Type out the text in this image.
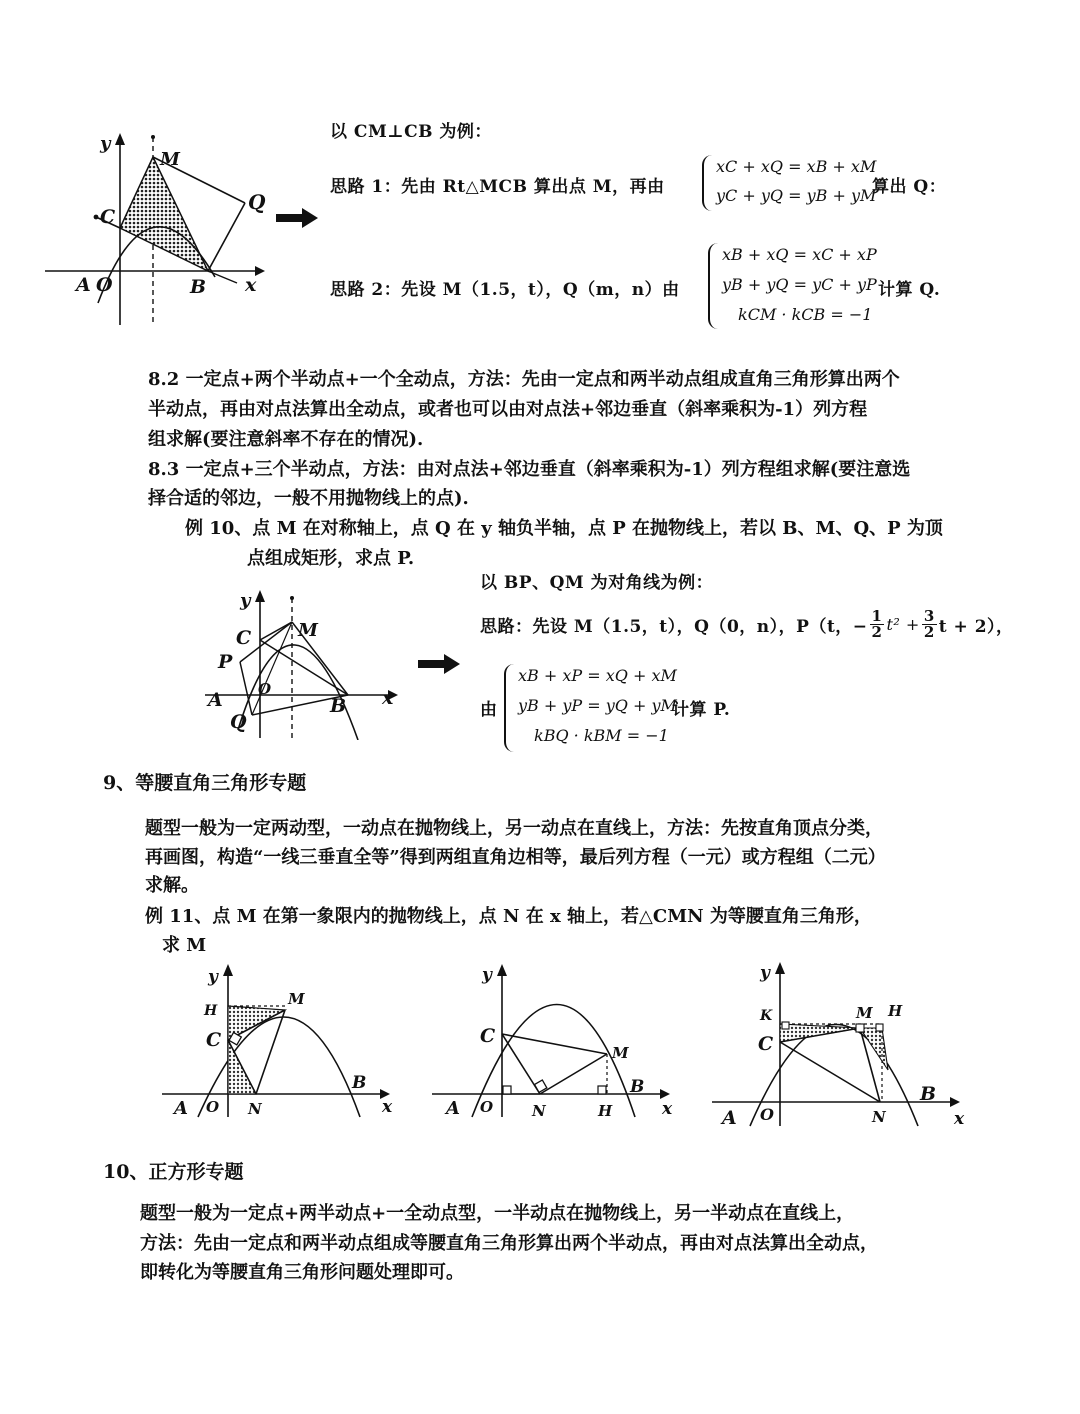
y
M
C
Q
A O	B x
以 CM⊥CB 为例：
思路 1：先由 Rt△MCB 算出点 M，再由
xC + xQ = xB + xM
yC + yQ = yB + yM
算出 Q：
思路 2：先设 M（1.5，t），Q（m，n）由
xB + xQ = xC + xP
yB + yQ = yC + yP
kCM · kCB = −1
计算 Q.
8.2 一定点+两个半动点+一个全动点，方法：先由一定点和两半动点组成直角三角形算出两个
半动点，再由对点法算出全动点，或者也可以由对点法+邻边垂直（斜率乘积为-1）列方程
组求解(要注意斜率不存在的情况).
8.3 一定点+三个半动点，方法：由对点法+邻边垂直（斜率乘积为-1）列方程组求解(要注意选
择合适的邻边，一般不用抛物线上的点).
例 10、点 M 在对称轴上，点 Q 在 y 轴负半轴，点 P 在抛物线上，若以 B、M、Q、P 为顶
点组成矩形，求点 P.
y
C	M
P
A O
Q
B x
以 BP、QM 为对角线为例：
思路：先设 M（1.5，t），Q（0，n），P（t，− $\frac{1}{2} t^2 + \frac{3}{2}$ t + 2），
由
xB + xP = xQ + xM
yB + yP = yQ + yM
kBQ · kBM = −1
计算 P.
9、等腰直角三角形专题
题型一般为一定两动型，一动点在抛物线上，另一动点在直线上，方法：先按直角顶点分类，
再画图，构造“一线三垂直全等”得到两组直角边相等，最后列方程（一元）或方程组（二元）
求解。
例 11、点 M 在第一象限内的抛物线上，点 N 在 x 轴上，若△CMN 为等腰直角三角形，
求 M
y
H
M
C
B
A O N	x
y
C
M
B
A O	N	H	x
y
K	M H
C
B
A O	N	x
10、正方形专题
题型一般为一定点+两半动点+一全动点型，一半动点在抛物线上，另一半动点在直线上，
方法：先由一定点和两半动点组成等腰直角三角形算出两个半动点，再由对点法算出全动点，
即转化为等腰直角三角形问题处理即可。
